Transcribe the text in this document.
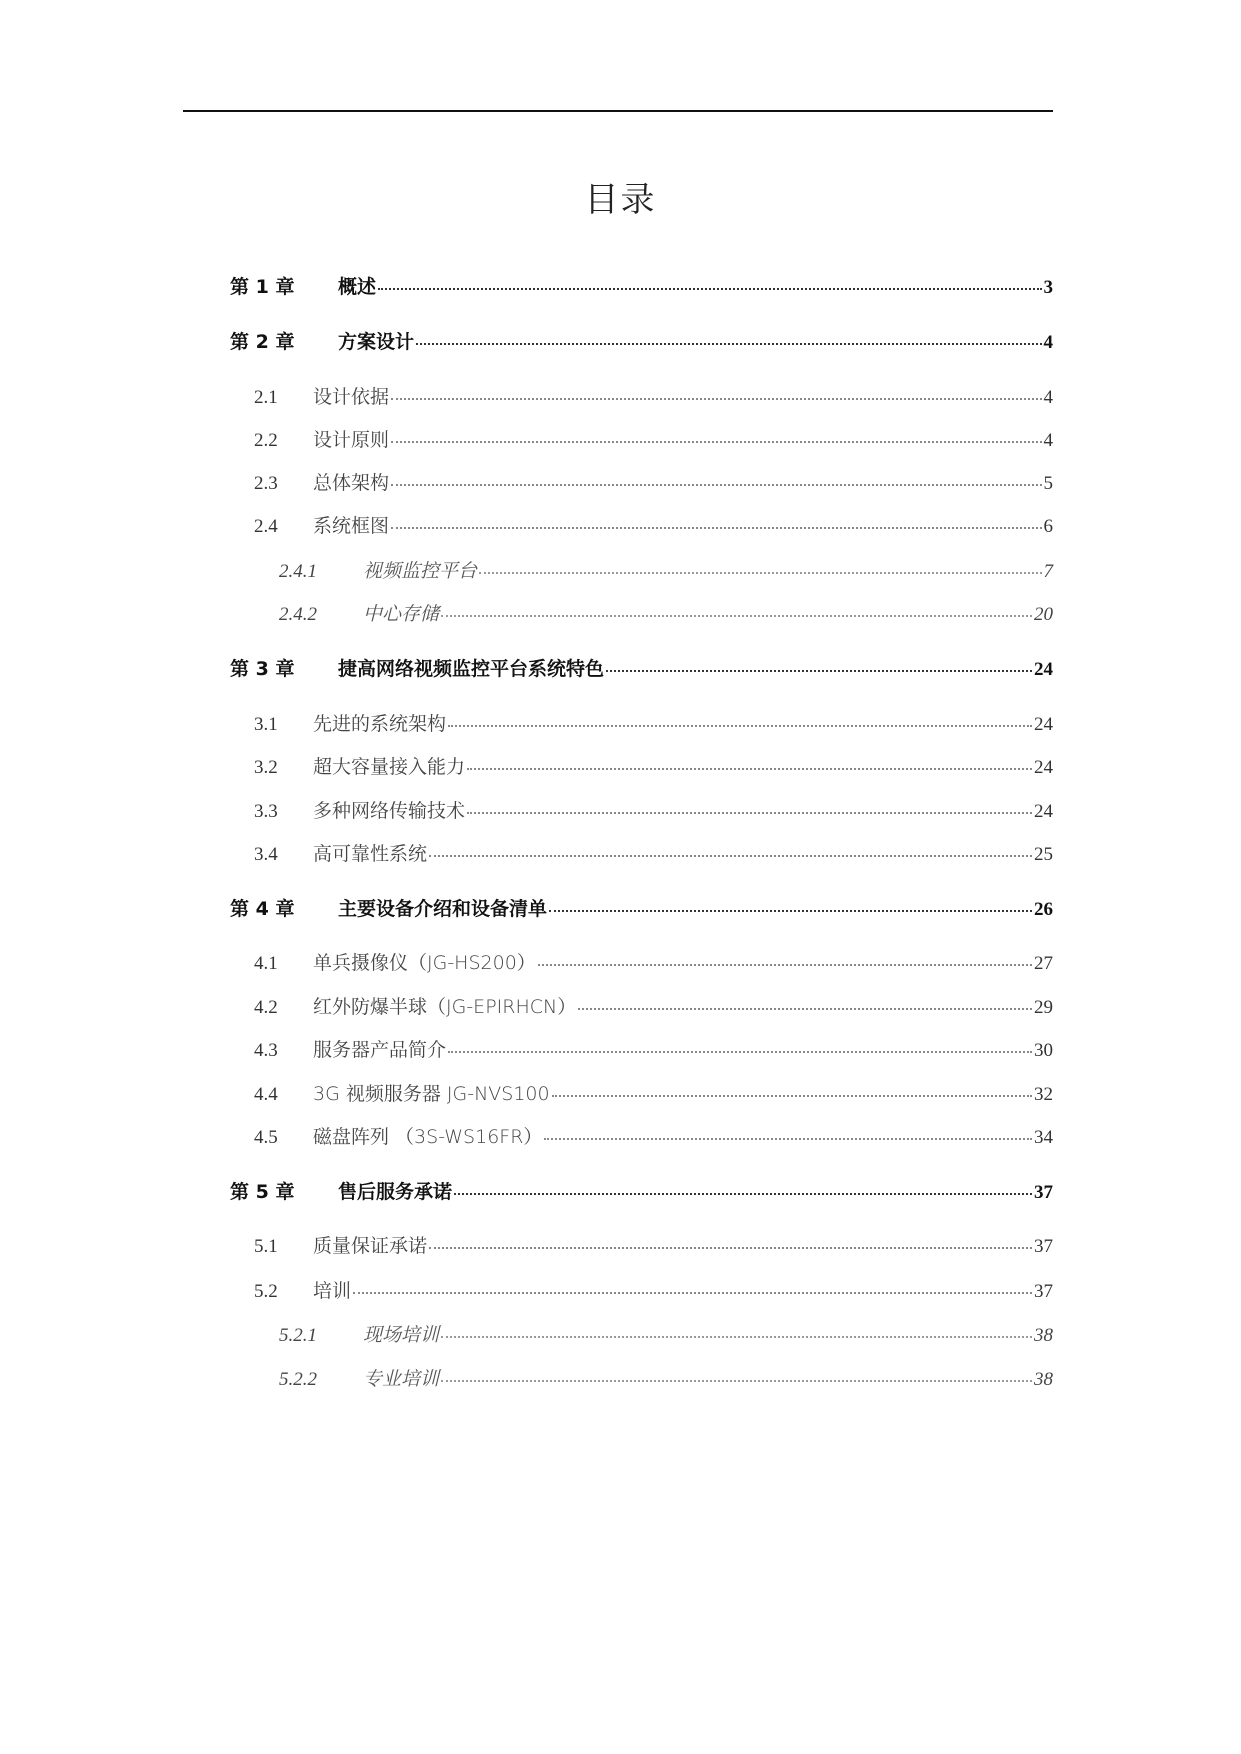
目录
第 1 章 概述	3
第 2 章 方案设计	4
2.1 设计依据	4
2.2 设计原则	4
2.3 总体架构	5
2.4 系统框图	6
2.4.1 视频监控平台	7
2.4.2 中心存储	20
第 3 章 捷高网络视频监控平台系统特色	24
3.1 先进的系统架构	24
3.2 超大容量接入能力	24
3.3 多种网络传输技术	24
3.4 高可靠性系统	25
第 4 章 主要设备介绍和设备清单	26
4.1 单兵摄像仪（JG-HS200）	27
4.2 红外防爆半球（JG-EPIRHCN）	29
4.3 服务器产品简介	30
4.4 3G 视频服务器 JG-NVS100	32
4.5 磁盘阵列 （3S-WS16FR）	34
第 5 章 售后服务承诺	37
5.1 质量保证承诺	37
5.2 培训	37
5.2.1 现场培训	38
5.2.2 专业培训	38
